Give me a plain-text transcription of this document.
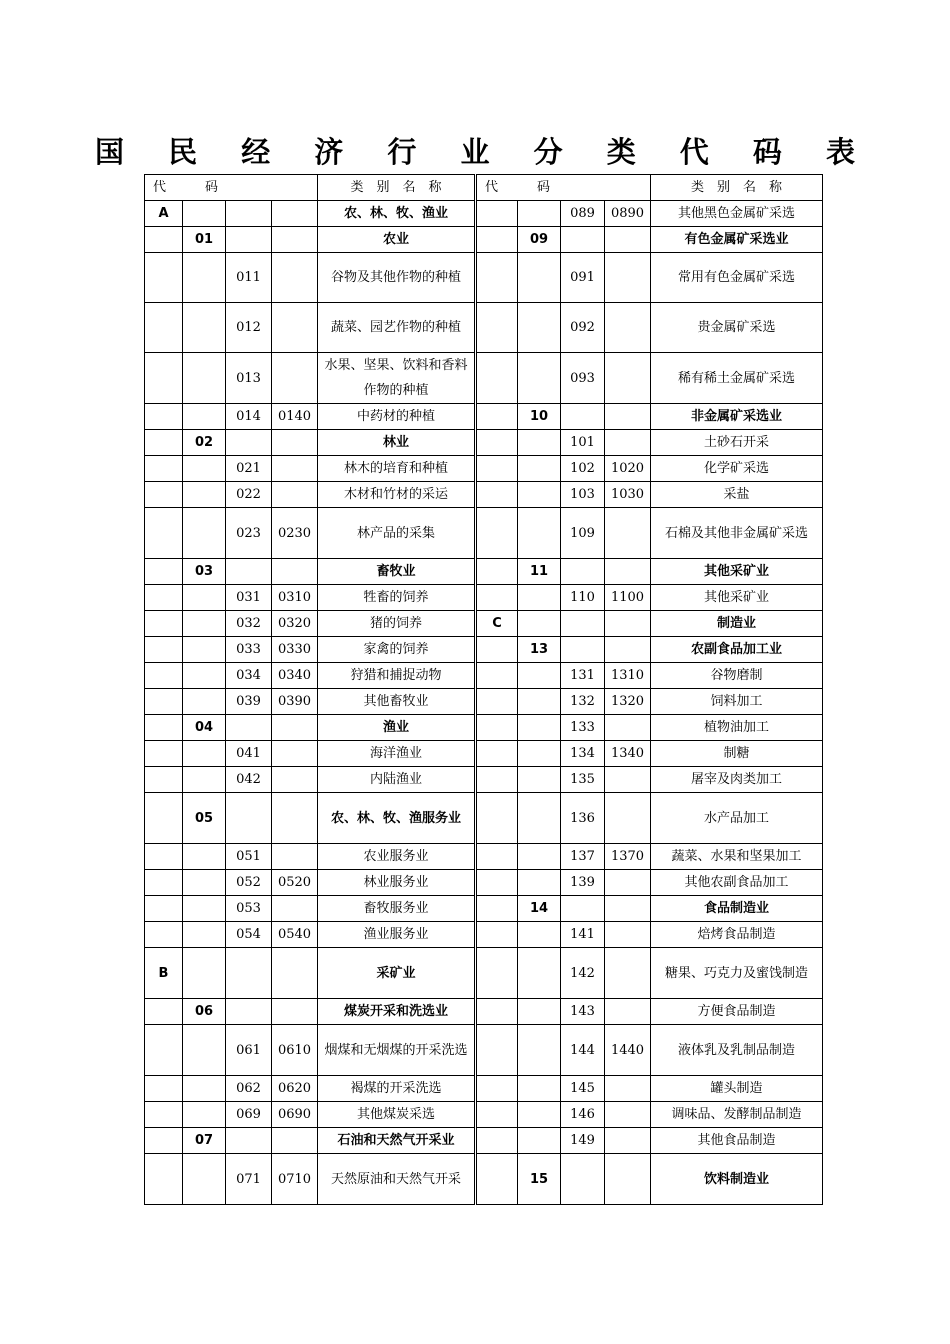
国 民 经 济 行 业 分 类 代 码 表
代　　　码				类　别　名　称	代　　　码				类　别　名　称
A				农、林、牧、渔业			089	0890	其他黑色金属矿采选
	01			农业		09			有色金属矿采选业
		011		谷物及其他作物的种植			091		常用有色金属矿采选
		012		蔬菜、园艺作物的种植			092		贵金属矿采选
		013		水果、坚果、饮料和香料作物的种植			093		稀有稀土金属矿采选
		014	0140	中药材的种植		10			非金属矿采选业
	02			林业			101		土砂石开采
		021		林木的培育和种植			102	1020	化学矿采选
		022		木材和竹材的采运			103	1030	采盐
		023	0230	林产品的采集			109		石棉及其他非金属矿采选
	03			畜牧业		11			其他采矿业
		031	0310	牲畜的饲养			110	1100	其他采矿业
		032	0320	猪的饲养	C				制造业
		033	0330	家禽的饲养		13			农副食品加工业
		034	0340	狩猎和捕捉动物			131	1310	谷物磨制
		039	0390	其他畜牧业			132	1320	饲料加工
	04			渔业			133		植物油加工
		041		海洋渔业			134	1340	制糖
		042		内陆渔业			135		屠宰及肉类加工
	05			农、林、牧、渔服务业			136		水产品加工
		051		农业服务业			137	1370	蔬菜、水果和坚果加工
		052	0520	林业服务业			139		其他农副食品加工
		053		畜牧服务业		14			食品制造业
		054	0540	渔业服务业			141		焙烤食品制造
B				采矿业			142		糖果、巧克力及蜜饯制造
	06			煤炭开采和洗选业			143		方便食品制造
		061	0610	烟煤和无烟煤的开采洗选			144	1440	液体乳及乳制品制造
		062	0620	褐煤的开采洗选			145		罐头制造
		069	0690	其他煤炭采选			146		调味品、发酵制品制造
	07			石油和天然气开采业			149		其他食品制造
		071	0710	天然原油和天然气开采		15			饮料制造业
